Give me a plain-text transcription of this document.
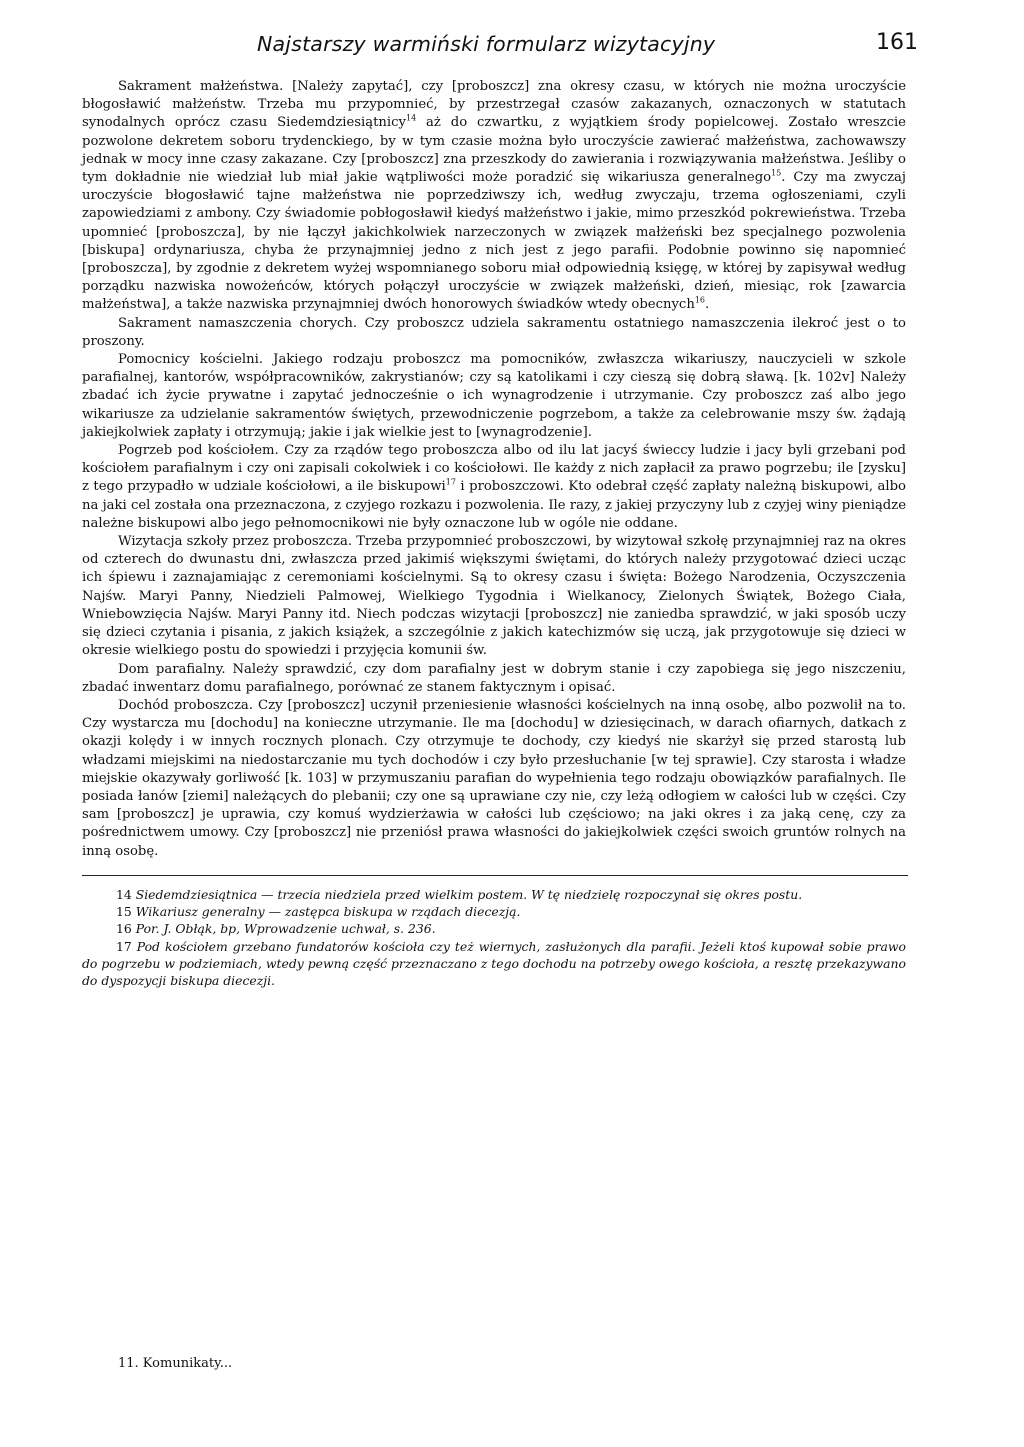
Najstarszy warmiński formularz wizytacyjny	161

Sakrament małżeństwa. [Należy zapytać], czy [proboszcz] zna okresy czasu, w których nie można uroczyście błogosławić małżeństw. Trzeba mu przypomnieć, by przestrzegał czasów zakazanych, oznaczonych w statutach synodalnych oprócz czasu Siedemdziesiątnicy$^{14}$ aż do czwartku, z wyjątkiem środy popielcowej. Zostało wreszcie pozwolone dekretem soboru trydenckiego, by w tym czasie można było uroczyście zawierać małżeństwa, zachowawszy jednak w mocy inne czasy zakazane. Czy [proboszcz] zna przeszkody do zawierania i rozwiązywania małżeństwa. Jeśliby o tym dokładnie nie wiedział lub miał jakie wątpliwości może poradzić się wikariusza generalnego$^{15}$. Czy ma zwyczaj uroczyście błogosławić tajne małżeństwa nie poprzedziwszy ich, według zwyczaju, trzema ogłoszeniami, czyli zapowiedziami z ambony. Czy świadomie pobłogosławił kiedyś małżeństwo i jakie, mimo przeszkód pokrewieństwa. Trzeba upomnieć [proboszcza], by nie łączył jakichkolwiek narzeczonych w związek małżeński bez specjalnego pozwolenia [biskupa] ordynariusza, chyba że przynajmniej jedno z nich jest z jego parafii. Podobnie powinno się napomnieć [proboszcza], by zgodnie z dekretem wyżej wspomnianego soboru miał odpowiednią księgę, w której by zapisywał według porządku nazwiska nowożeńców, których połączył uroczyście w związek małżeński, dzień, miesiąc, rok [zawarcia małżeństwa], a także nazwiska przynajmniej dwóch honorowych świadków wtedy obecnych$^{16}$.

Sakrament namaszczenia chorych. Czy proboszcz udziela sakramentu ostatniego namaszczenia ilekroć jest o to proszony.

Pomocnicy kościelni. Jakiego rodzaju proboszcz ma pomocników, zwłaszcza wikariuszy, nauczycieli w szkole parafialnej, kantorów, współpracowników, zakrystianów; czy są katolikami i czy cieszą się dobrą sławą. [k. 102v] Należy zbadać ich życie prywatne i zapytać jednocześnie o ich wynagrodzenie i utrzymanie. Czy proboszcz zaś albo jego wikariusze za udzielanie sakramentów świętych, przewodniczenie pogrzebom, a także za celebrowanie mszy św. żądają jakiejkolwiek zapłaty i otrzymują; jakie i jak wielkie jest to [wynagrodzenie].

Pogrzeb pod kościołem. Czy za rządów tego proboszcza albo od ilu lat jacyś świeccy ludzie i jacy byli grzebani pod kościołem parafialnym i czy oni zapisali cokolwiek i co kościołowi. Ile każdy z nich zapłacił za prawo pogrzebu; ile [zysku] z tego przypadło w udziale kościołowi, a ile biskupowi$^{17}$ i proboszczowi. Kto odebrał część zapłaty należną biskupowi, albo na jaki cel została ona przeznaczona, z czyjego rozkazu i pozwolenia. Ile razy, z jakiej przyczyny lub z czyjej winy pieniądze należne biskupowi albo jego pełnomocnikowi nie były oznaczone lub w ogóle nie oddane.

Wizytacja szkoły przez proboszcza. Trzeba przypomnieć proboszczowi, by wizytował szkołę przynajmniej raz na okres od czterech do dwunastu dni, zwłaszcza przed jakimiś większymi świętami, do których należy przygotować dzieci ucząc ich śpiewu i zaznajamiając z ceremoniami kościelnymi. Są to okresy czasu i święta: Bożego Narodzenia, Oczyszczenia Najśw. Maryi Panny, Niedzieli Palmowej, Wielkiego Tygodnia i Wielkanocy, Zielonych Świątek, Bożego Ciała, Wniebowzięcia Najśw. Maryi Panny itd. Niech podczas wizytacji [proboszcz] nie zaniedba sprawdzić, w jaki sposób uczy się dzieci czytania i pisania, z jakich książek, a szczególnie z jakich katechizmów się uczą, jak przygotowuje się dzieci w okresie wielkiego postu do spowiedzi i przyjęcia komunii św.

Dom parafialny. Należy sprawdzić, czy dom parafialny jest w dobrym stanie i czy zapobiega się jego niszczeniu, zbadać inwentarz domu parafialnego, porównać ze stanem faktycznym i opisać.

Dochód proboszcza. Czy [proboszcz] uczynił przeniesienie własności kościelnych na inną osobę, albo pozwolił na to. Czy wystarcza mu [dochodu] na konieczne utrzymanie. Ile ma [dochodu] w dziesięcinach, w darach ofiarnych, datkach z okazji kolędy i w innych rocznych plonach. Czy otrzymuje te dochody, czy kiedyś nie skarżył się przed starostą lub władzami miejskimi na niedostarczanie mu tych dochodów i czy było przesłuchanie [w tej sprawie]. Czy starosta i władze miejskie okazywały gorliwość [k. 103] w przymuszaniu parafian do wypełnienia tego rodzaju obowiązków parafialnych. Ile posiada łanów [ziemi] należących do plebanii; czy one są uprawiane czy nie, czy leżą odłogiem w całości lub w części. Czy sam [proboszcz] je uprawia, czy komuś wydzierżawia w całości lub częściowo; na jaki okres i za jaką cenę, czy za pośrednictwem umowy. Czy [proboszcz] nie przeniósł prawa własności do jakiejkolwiek części swoich gruntów rolnych na inną osobę.

14 Siedemdziesiątnica — trzecia niedziela przed wielkim postem. W tę niedzielę rozpoczynał się okres postu.

15 Wikariusz generalny — zastępca biskupa w rządach diecezją.

16 Por. J. Obłąk, bp, Wprowadzenie uchwał, s. 236.

17 Pod kościołem grzebano fundatorów kościoła czy też wiernych, zasłużonych dla parafii. Jeżeli ktoś kupował sobie prawo do pogrzebu w podziemiach, wtedy pewną część przeznaczano z tego dochodu na potrzeby owego kościoła, a resztę przekazywano do dyspozycji biskupa diecezji.

11. Komunikaty...
